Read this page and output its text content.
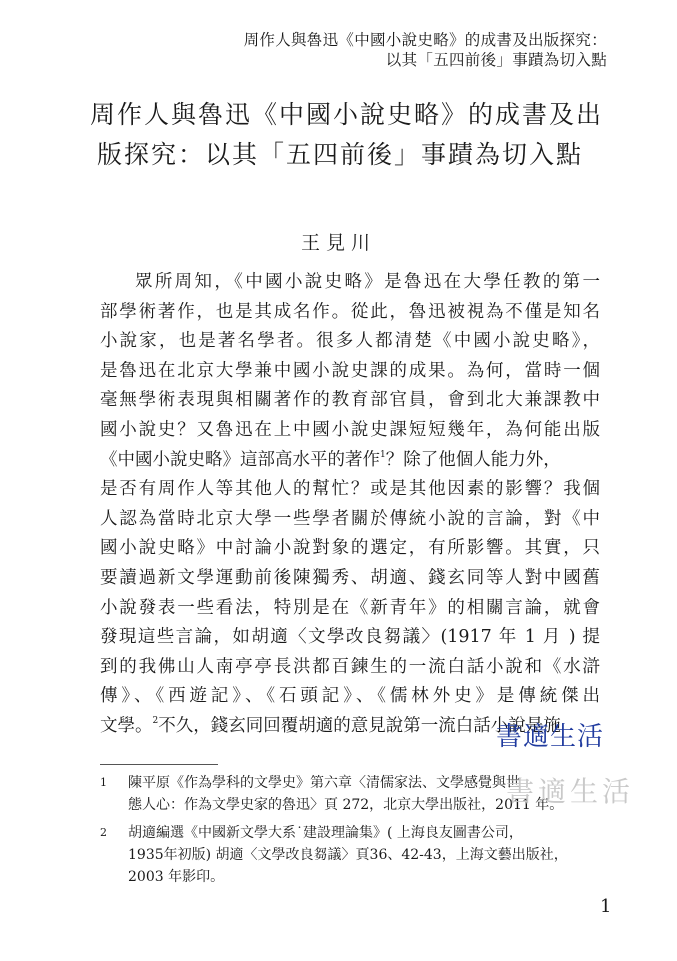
周作人與魯迅《中國小說史略》的成書及出版探究：
以其「五四前後」事蹟為切入點
周作人與魯迅《中國小說史略》的成書及出
版探究：以其「五四前後」事蹟為切入點
王見川
眾所周知，《中國小說史略》是魯迅在大學任教的第一
部學術著作，也是其成名作。從此，魯迅被視為不僅是知名
小說家，也是著名學者。很多人都清楚《中國小說史略》，
是魯迅在北京大學兼中國小說史課的成果。為何，當時一個
毫無學術表現與相關著作的教育部官員，會到北大兼課教中
國小說史？又魯迅在上中國小說史課短短幾年，為何能出版
《中國小說史略》這部高水平的著作$^1$？除了他個人能力外，
是否有周作人等其他人的幫忙？或是其他因素的影響？我個
人認為當時北京大學一些學者關於傳統小說的言論，對《中
國小說史略》中討論小說對象的選定，有所影響。其實，只
要讀過新文學運動前後陳獨秀、胡適、錢玄同等人對中國舊
小說發表一些看法，特別是在《新青年》的相關言論，就會
發現這些言論，如胡適〈文學改良芻議〉(1917 年 1 月 ) 提
到的我佛山人南亭亭長洪都百鍊生的一流白話小說和《水滸
傳》、《西遊記》、《石頭記》、《儒林外史》是傳統傑出
文學。$^2$不久，錢玄同回覆胡適的意見說第一流白話小說是施
1 陳平原《作為學科的文學史》第六章〈清儒家法、文學感覺與世
態人心：作為文學史家的魯迅〉頁 272，北京大學出版社，2011 年。
2 胡適編選《中國新文學大系˙建設理論集》( 上海良友圖書公司，
1935年初版) 胡適〈文學改良芻議〉頁36、42-43，上海文藝出版社，
2003 年影印。
書適生活
書適生活
1
